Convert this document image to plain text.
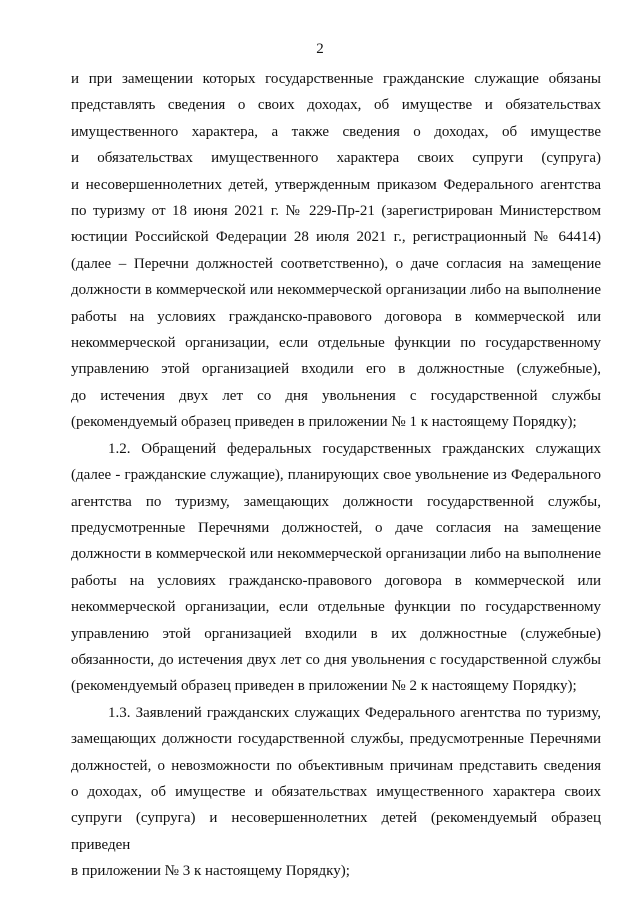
2

и при замещении которых государственные гражданские служащие обязаны
представлять сведения о своих доходах, об имуществе и обязательствах
имущественного характера, а также сведения о доходах, об имуществе
и обязательствах имущественного характера своих супруги (супруга)
и несовершеннолетних детей, утвержденным приказом Федерального агентства
по туризму от 18 июня 2021 г. № 229-Пр-21 (зарегистрирован Министерством
юстиции Российской Федерации 28 июля 2021 г., регистрационный № 64414)
(далее – Перечни должностей соответственно), о даче согласия на замещение
должности в коммерческой или некоммерческой организации либо на выполнение
работы на условиях гражданско-правового договора в коммерческой или
некоммерческой организации, если отдельные функции по государственному
управлению этой организацией входили его в должностные (служебные),
до истечения двух лет со дня увольнения с государственной службы
(рекомендуемый образец приведен в приложении № 1 к настоящему Порядку);

1.2. Обращений федеральных государственных гражданских служащих
(далее - гражданские служащие), планирующих свое увольнение из Федерального
агентства по туризму, замещающих должности государственной службы,
предусмотренные Перечнями должностей, о даче согласия на замещение
должности в коммерческой или некоммерческой организации либо на выполнение
работы на условиях гражданско-правового договора в коммерческой или
некоммерческой организации, если отдельные функции по государственному
управлению этой организацией входили в их должностные (служебные)
обязанности, до истечения двух лет со дня увольнения с государственной службы
(рекомендуемый образец приведен в приложении № 2 к настоящему Порядку);

1.3. Заявлений гражданских служащих Федерального агентства по туризму,
замещающих должности государственной службы, предусмотренные Перечнями
должностей, о невозможности по объективным причинам представить сведения
о доходах, об имуществе и обязательствах имущественного характера своих
супруги (супруга) и несовершеннолетних детей (рекомендуемый образец приведен
в приложении № 3 к настоящему Порядку);
